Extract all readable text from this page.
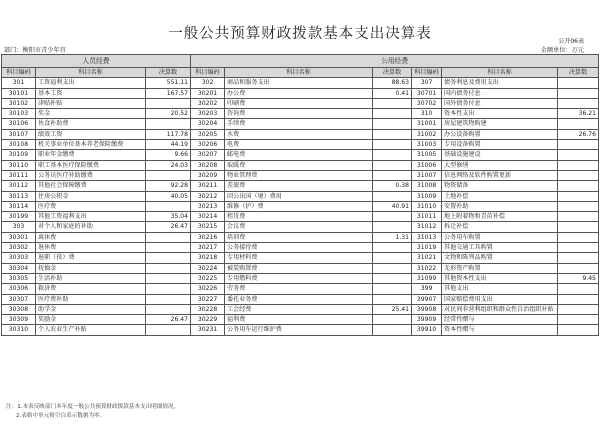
一般公共预算财政拨款基本支出决算表	公开06表
部门：衡阳市青少年宫	金额单位：万元
人员经费			公用经费					
科目编码	科目名称	决算数	科目编码	科目名称	决算数	科目编码	科目名称	决算数
301	工资福利支出	551.11	302	商品和服务支出	88.63	307	债务利息及费用支出	
30101	基本工资	167.57	30201	办公费	0.41	30701	国内债务付息	
30102	津贴补贴		30202	印刷费		30702	国外债务付息	
30103	奖金	20.52	30203	咨询费		310	资本性支出	36.21
30106	伙食补助费		30204	手续费		31001	房屋建筑物购建	
30107	绩效工资	117.78	30205	水费		31002	办公设备购置	26.76
30108	机关事业单位基本养老保险缴费	44.19	30206	电费		31003	专用设备购置	
30109	职业年金缴费	9.66	30207	邮电费		31005	基础设施建设	
30110	职工基本医疗保险缴费	24.03	30208	取暖费		31006	大型修缮	
30111	公务员医疗补助缴费		30209	物业管理费		31007	信息网络及软件购置更新	
30112	其他社会保障缴费	92.28	30211	差旅费	0.38	31008	物资储备	
30113	住房公积金	40.05	30212	因公出国（境）费用		31009	土地补偿	
30114	医疗费		30213	维修（护）费	40.91	31010	安置补助	
30199	其他工资福利支出	35.04	30214	租赁费		31011	地上附着物和青苗补偿	
303	对个人和家庭的补助	26.47	30215	会议费		31012	拆迁补偿	
30301	离休费		30216	培训费	1.31	31013	公务用车购置	
30302	退休费		30217	公务接待费		31019	其他交通工具购置	
30303	退职（役）费		30218	专用材料费		31021	文物和陈列品购置	
30304	抚恤金		30224	被装购置费		31022	无形资产购置	
30305	生活补助		30225	专用燃料费		31099	其他资本性支出	9.45
30306	救济费		30226	劳务费		399	其他支出	
30307	医疗费补助		30227	委托业务费		39907	国家赔偿费用支出	
30308	助学金		30228	工会经费	25.41	39908	对民间非营利组织和群众性自治组织补贴	
30309	奖励金	26.47	30229	福利费		39909	经常性赠与	
30310	个人农业生产补贴		30231	公务用车运行维护费		39910	资本性赠与	
注：1.本表反映部门本年度一般公共预算财政拨款基本支出明细情况。
2.表格中单元格空白表示数据为零。
